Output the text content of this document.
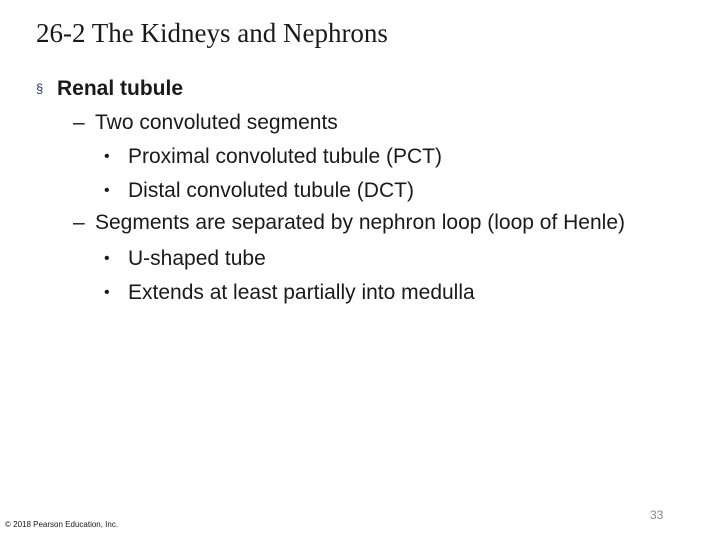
26-2 The Kidneys and Nephrons
§ Renal tubule
– Two convoluted segments
• Proximal convoluted tubule (PCT)
• Distal convoluted tubule (DCT)
– Segments are separated by nephron loop (loop of Henle)
• U-shaped tube
• Extends at least partially into medulla
© 2018 Pearson Education, Inc.
33
